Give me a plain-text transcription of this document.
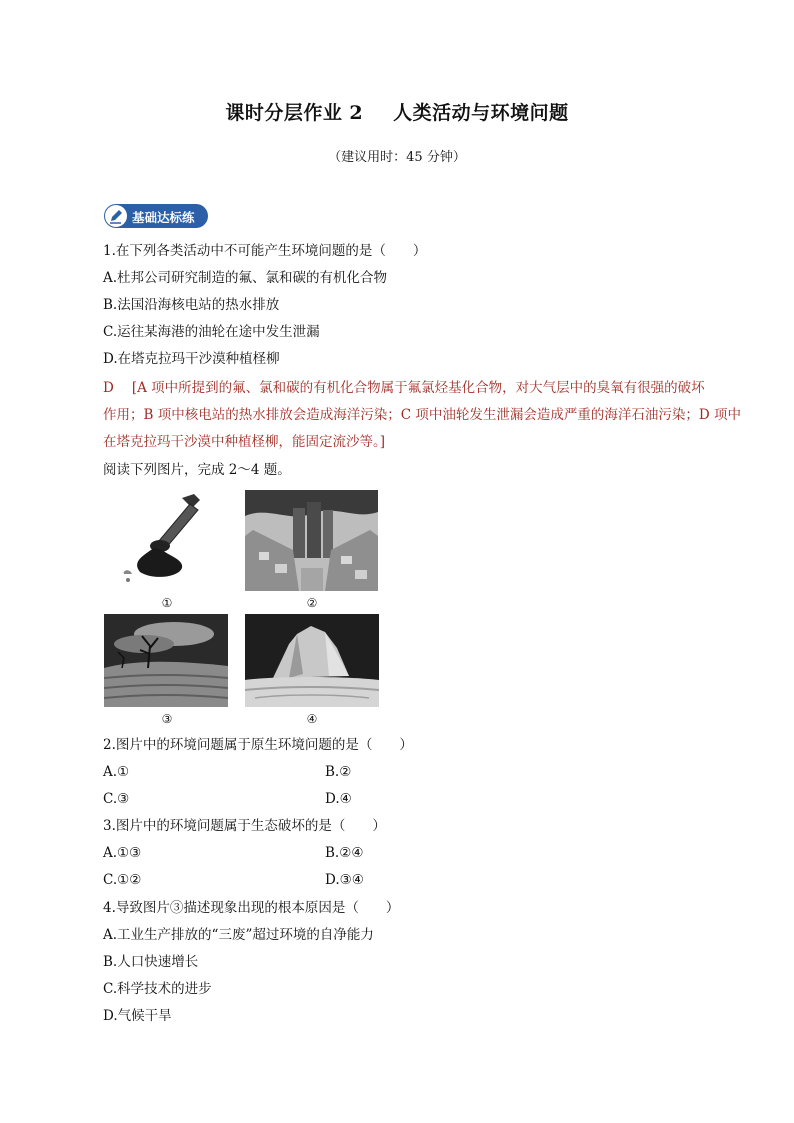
课时分层作业 2 人类活动与环境问题
（建议用时：45 分钟）
基础达标练
1.在下列各类活动中不可能产生环境问题的是（　　）
A.杜邦公司研究制造的氟、氯和碳的有机化合物
B.法国沿海核电站的热水排放
C.运往某海港的油轮在途中发生泄漏
D.在塔克拉玛干沙漠种植柽柳
D [A 项中所提到的氟、氯和碳的有机化合物属于氟氯烃基化合物，对大气层中的臭氧有很强的破坏
作用；B 项中核电站的热水排放会造成海洋污染；C 项中油轮发生泄漏会造成严重的海洋石油污染；D 项中
在塔克拉玛干沙漠中种植柽柳，能固定流沙等。]
阅读下列图片，完成 2～4 题。
①	②
③	④
2.图片中的环境问题属于原生环境问题的是（　　）
A.①	B.②
C.③	D.④
3.图片中的环境问题属于生态破坏的是（　　）
A.①③	B.②④
C.①②	D.③④
4.导致图片③描述现象出现的根本原因是（　　）
A.工业生产排放的“三废”超过环境的自净能力
B.人口快速增长
C.科学技术的进步
D.气候干旱
